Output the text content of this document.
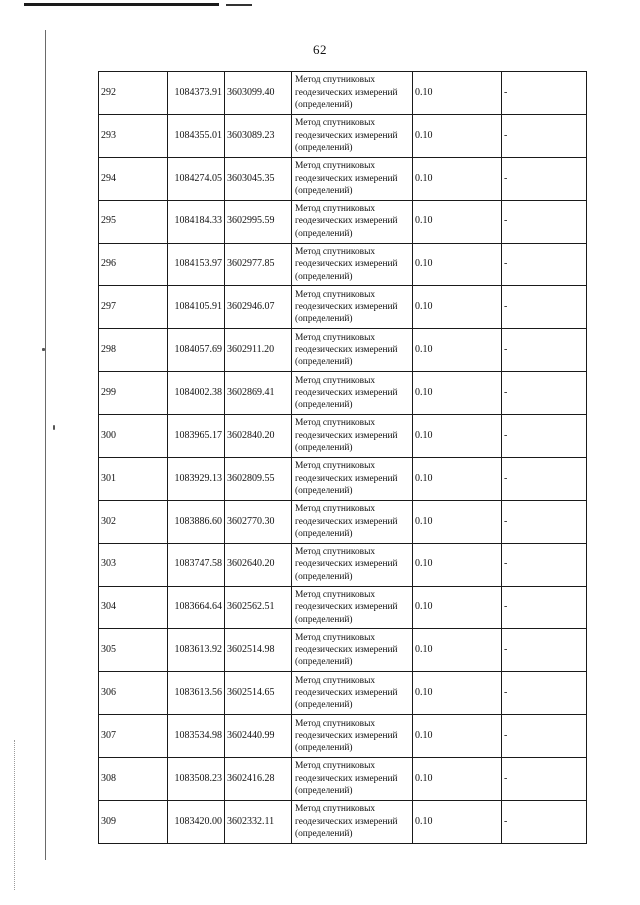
62
292	1084373.91	3603099.40	Метод спутниковых геодезических измерений (определений)	0.10	-
293	1084355.01	3603089.23	Метод спутниковых геодезических измерений (определений)	0.10	-
294	1084274.05	3603045.35	Метод спутниковых геодезических измерений (определений)	0.10	-
295	1084184.33	3602995.59	Метод спутниковых геодезических измерений (определений)	0.10	-
296	1084153.97	3602977.85	Метод спутниковых геодезических измерений (определений)	0.10	-
297	1084105.91	3602946.07	Метод спутниковых геодезических измерений (определений)	0.10	-
298	1084057.69	3602911.20	Метод спутниковых геодезических измерений (определений)	0.10	-
299	1084002.38	3602869.41	Метод спутниковых геодезических измерений (определений)	0.10	-
300	1083965.17	3602840.20	Метод спутниковых геодезических измерений (определений)	0.10	-
301	1083929.13	3602809.55	Метод спутниковых геодезических измерений (определений)	0.10	-
302	1083886.60	3602770.30	Метод спутниковых геодезических измерений (определений)	0.10	-
303	1083747.58	3602640.20	Метод спутниковых геодезических измерений (определений)	0.10	-
304	1083664.64	3602562.51	Метод спутниковых геодезических измерений (определений)	0.10	-
305	1083613.92	3602514.98	Метод спутниковых геодезических измерений (определений)	0.10	-
306	1083613.56	3602514.65	Метод спутниковых геодезических измерений (определений)	0.10	-
307	1083534.98	3602440.99	Метод спутниковых геодезических измерений (определений)	0.10	-
308	1083508.23	3602416.28	Метод спутниковых геодезических измерений (определений)	0.10	-
309	1083420.00	3602332.11	Метод спутниковых геодезических измерений (определений)	0.10	-
